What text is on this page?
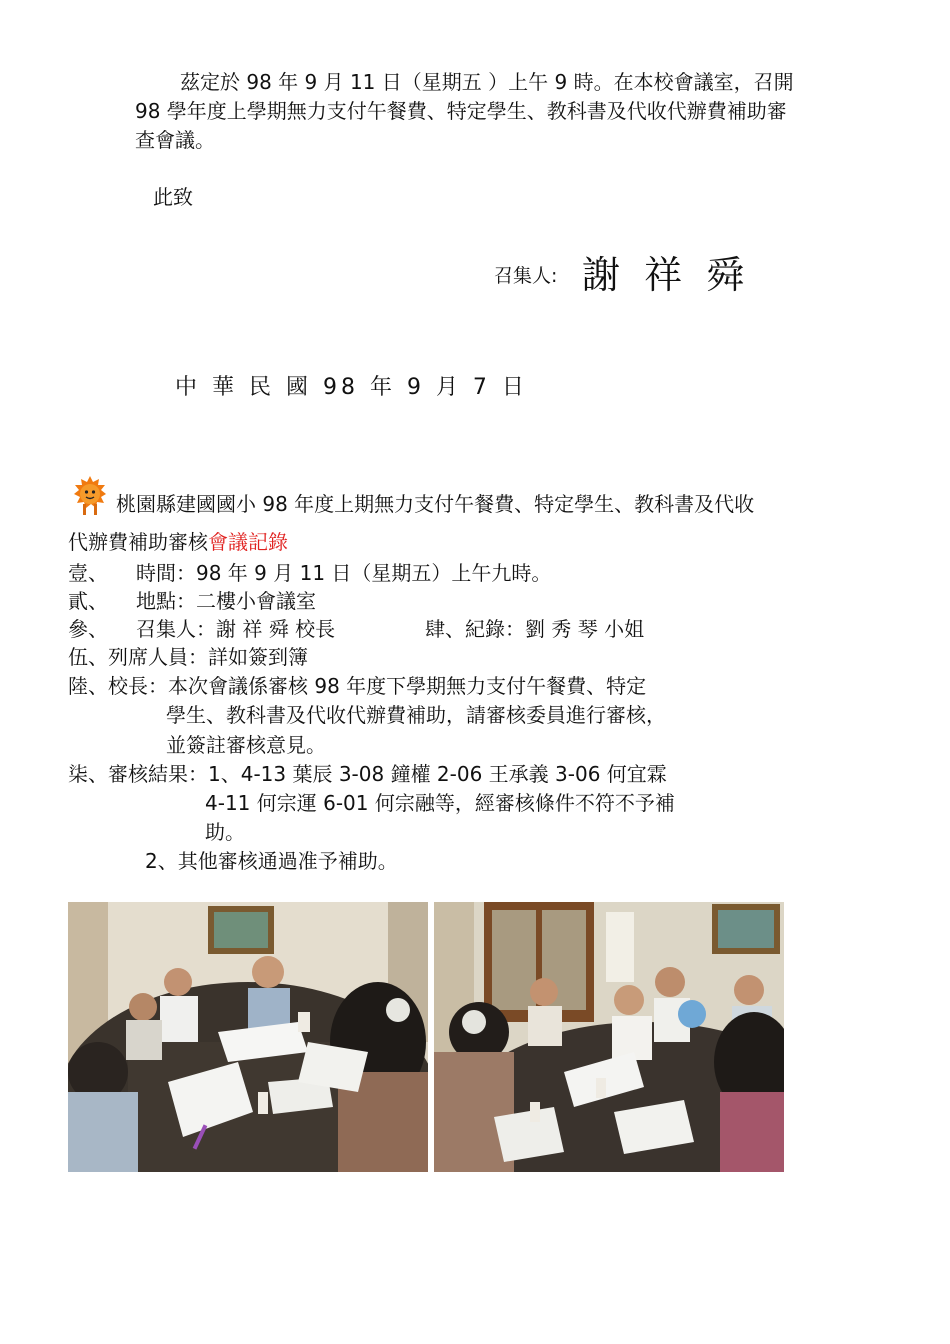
茲定於 98 年 9 月 11 日（星期五 ）上午 9 時。在本校會議室，召開
98 學年度上學期無力支付午餐費、特定學生、教科書及代收代辦費補助審
查會議。
此致
召集人: 謝 祥 舜
中 華 民 國 98 年 9 月 7 日
桃園縣建國國小 98 年度上期無力支付午餐費、特定學生、教科書及代收
代辦費補助審核會議記錄
壹、 時間：98 年 9 月 11 日（星期五）上午九時。
貳、 地點：二樓小會議室
參、 召集人：謝 祥 舜 校長	肆、紀錄：劉 秀 琴 小姐
伍、列席人員：詳如簽到簿
陸、校長：本次會議係審核 98 年度下學期無力支付午餐費、特定
學生、教科書及代收代辦費補助，請審核委員進行審核，
並簽註審核意見。
柒、審核結果：1、4-13 葉辰 3-08 鐘權 2-06 王承義 3-06 何宜霖
4-11 何宗運 6-01 何宗融等，經審核條件不符不予補
助。
2、其他審核通過准予補助。
